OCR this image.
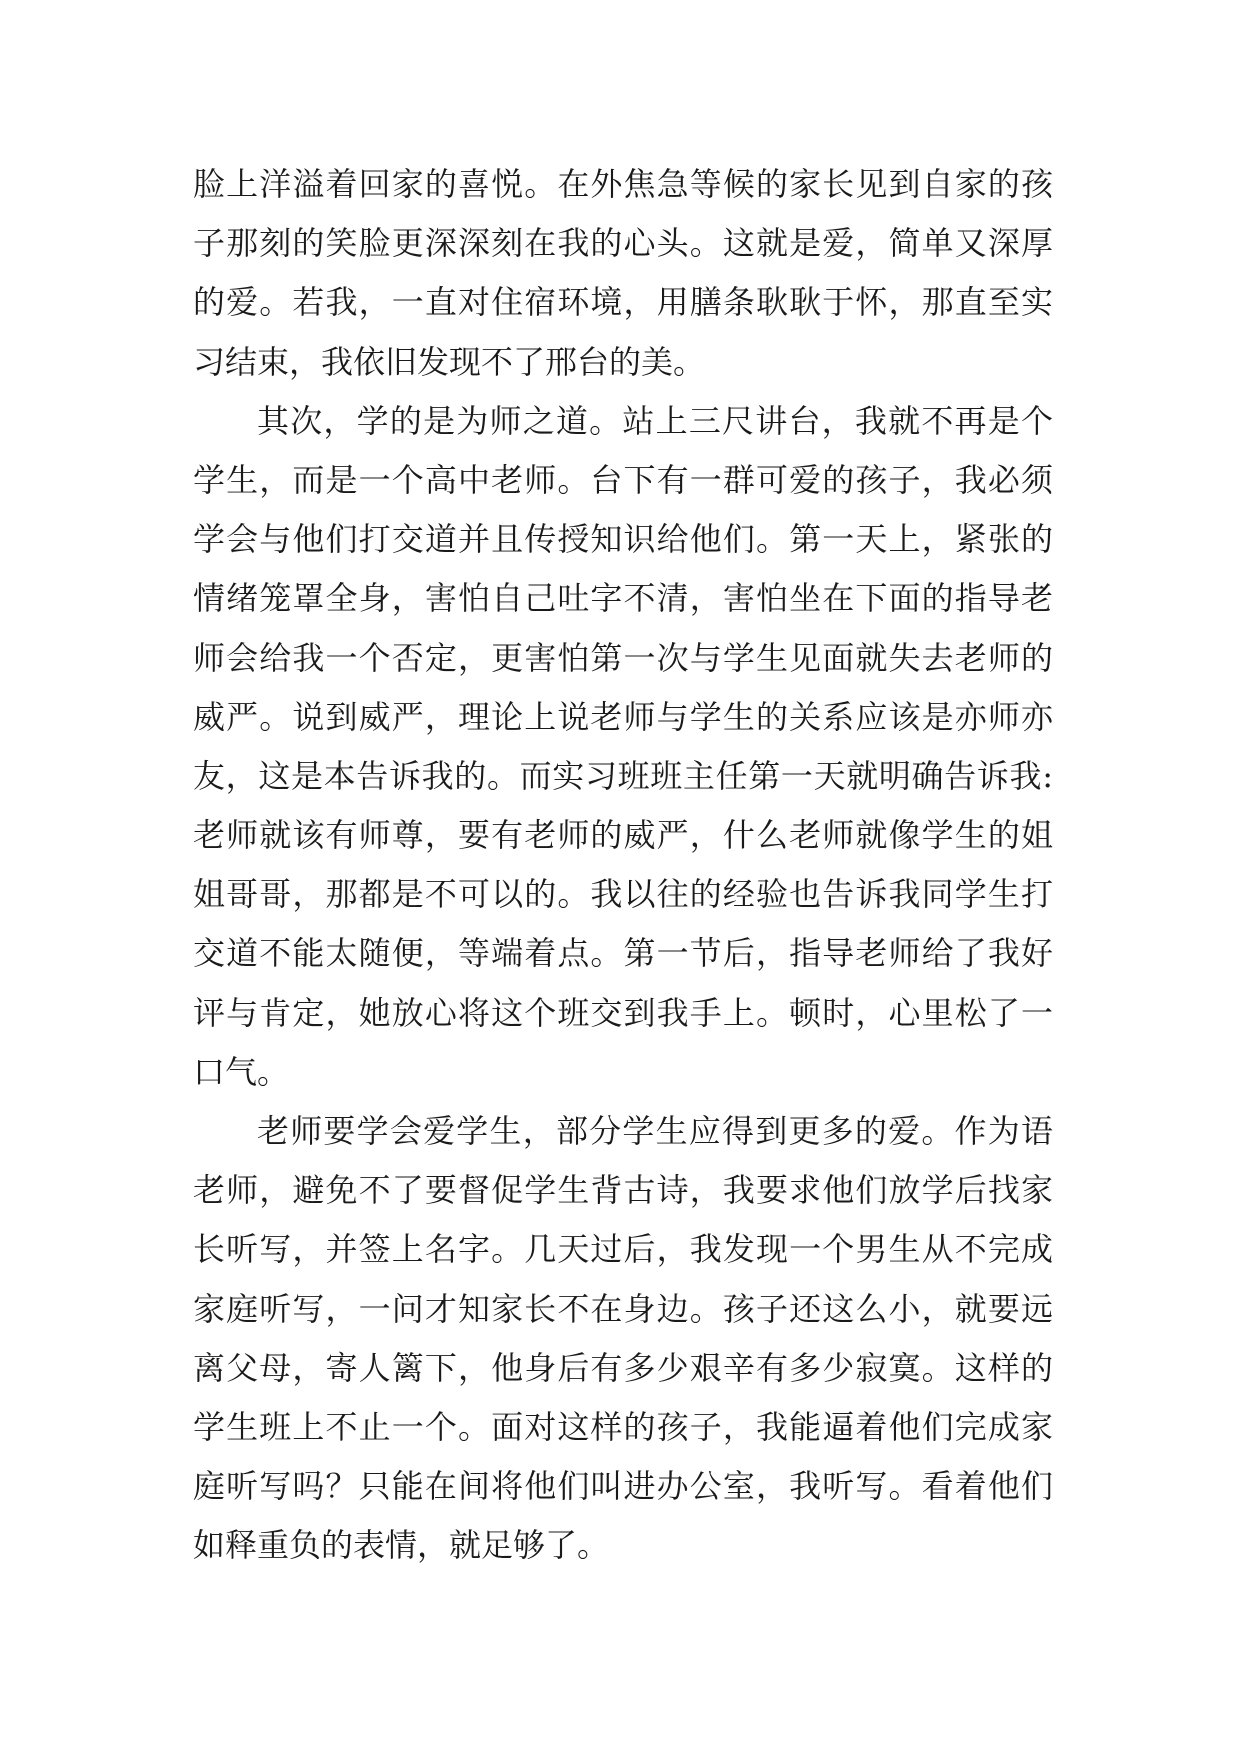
脸上洋溢着回家的喜悦。在外焦急等候的家长见到自家的孩
子那刻的笑脸更深深刻在我的心头。这就是爱，简单又深厚
的爱。若我，一直对住宿环境，用膳条耿耿于怀，那直至实
习结束，我依旧发现不了邢台的美。
其次，学的是为师之道。站上三尺讲台，我就不再是个
学生，而是一个高中老师。台下有一群可爱的孩子，我必须
学会与他们打交道并且传授知识给他们。第一天上，紧张的
情绪笼罩全身，害怕自己吐字不清，害怕坐在下面的指导老
师会给我一个否定，更害怕第一次与学生见面就失去老师的
威严。说到威严，理论上说老师与学生的关系应该是亦师亦
友，这是本告诉我的。而实习班班主任第一天就明确告诉我:
老师就该有师尊，要有老师的威严，什么老师就像学生的姐
姐哥哥，那都是不可以的。我以往的经验也告诉我同学生打
交道不能太随便，等端着点。第一节后，指导老师给了我好
评与肯定，她放心将这个班交到我手上。顿时，心里松了一
口气。
老师要学会爱学生，部分学生应得到更多的爱。作为语
老师，避免不了要督促学生背古诗，我要求他们放学后找家
长听写，并签上名字。几天过后，我发现一个男生从不完成
家庭听写，一问才知家长不在身边。孩子还这么小，就要远
离父母，寄人篱下，他身后有多少艰辛有多少寂寞。这样的
学生班上不止一个。面对这样的孩子，我能逼着他们完成家
庭听写吗？只能在间将他们叫进办公室，我听写。看着他们
如释重负的表情，就足够了。
